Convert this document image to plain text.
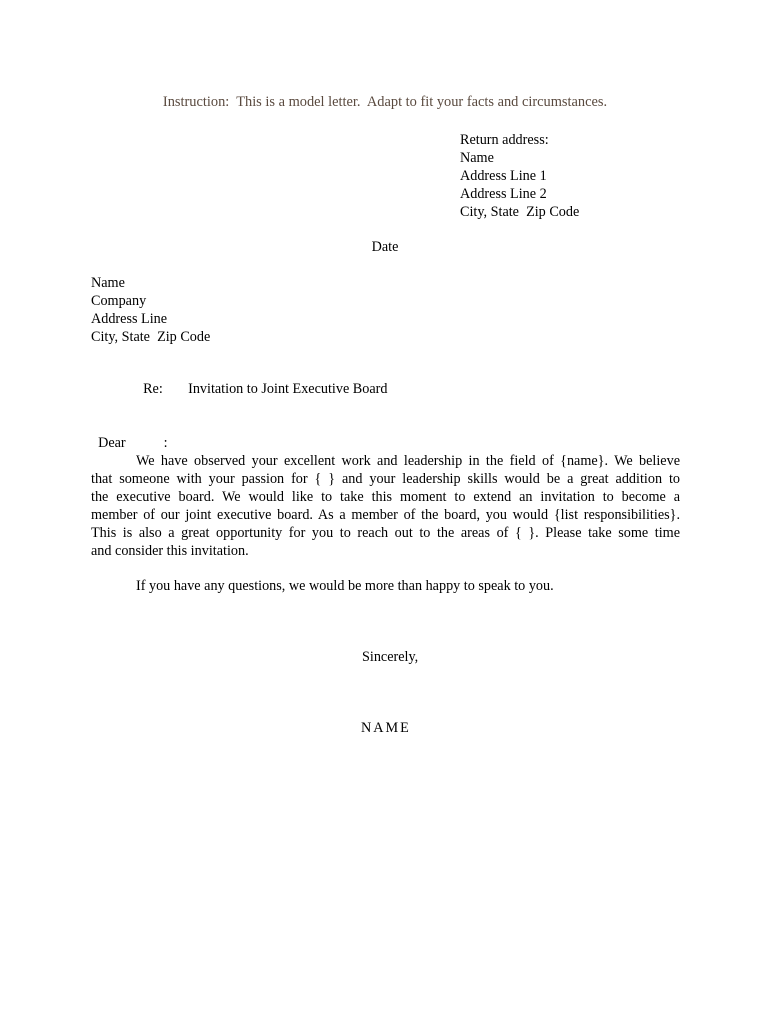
Instruction:  This is a model letter.  Adapt to fit your facts and circumstances.
Return address:
Name
Address Line 1
Address Line 2
City, State  Zip Code
Date
Name
Company
Address Line
City, State  Zip Code

Re: Invitation to Joint Executive Board

Dear	:

We have observed your excellent work and leadership in the field of {name}. We believe
that someone with your passion for { } and your leadership skills would be a great addition to
the executive board. We would like to take this moment to extend an invitation to become a
member of our joint executive board. As a member of the board, you would {list responsibilities}.
This is also a great opportunity for you to reach out to the areas of { }. Please take some time
and consider this invitation.
If you have any questions, we would be more than happy to speak to you.
Sincerely,
NAME
